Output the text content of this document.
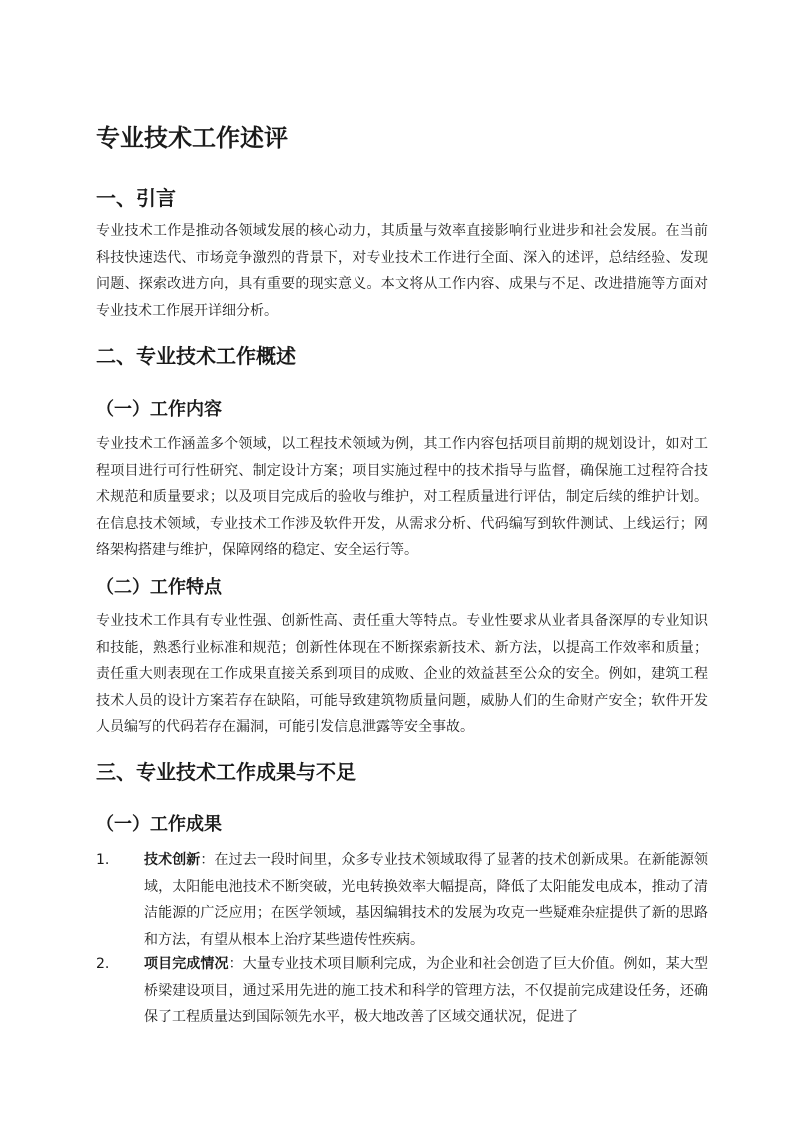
专业技术工作述评
一、引言

专业技术工作是推动各领域发展的核心动力，其质量与效率直接影响行业进步和社会发展。在当前科技快速迭代、市场竞争激烈的背景下，对专业技术工作进行全面、深入的述评，总结经验、发现问题、探索改进方向，具有重要的现实意义。本文将从工作内容、成果与不足、改进措施等方面对专业技术工作展开详细分析。

二、专业技术工作概述
（一）工作内容

专业技术工作涵盖多个领域，以工程技术领域为例，其工作内容包括项目前期的规划设计，如对工程项目进行可行性研究、制定设计方案；项目实施过程中的技术指导与监督，确保施工过程符合技术规范和质量要求；以及项目完成后的验收与维护，对工程质量进行评估，制定后续的维护计划。在信息技术领域，专业技术工作涉及软件开发，从需求分析、代码编写到软件测试、上线运行；网络架构搭建与维护，保障网络的稳定、安全运行等。

（二）工作特点

专业技术工作具有专业性强、创新性高、责任重大等特点。专业性要求从业者具备深厚的专业知识和技能，熟悉行业标准和规范；创新性体现在不断探索新技术、新方法，以提高工作效率和质量；责任重大则表现在工作成果直接关系到项目的成败、企业的效益甚至公众的安全。例如，建筑工程技术人员的设计方案若存在缺陷，可能导致建筑物质量问题，威胁人们的生命财产安全；软件开发人员编写的代码若存在漏洞，可能引发信息泄露等安全事故。

三、专业技术工作成果与不足
（一）工作成果
1. 技术创新：在过去一段时间里，众多专业技术领域取得了显著的技术创新成果。在新能源领域，太阳能电池技术不断突破，光电转换效率大幅提高，降低了太阳能发电成本，推动了清洁能源的广泛应用；在医学领域，基因编辑技术的发展为攻克一些疑难杂症提供了新的思路和方法，有望从根本上治疗某些遗传性疾病。

2. 项目完成情况：大量专业技术项目顺利完成，为企业和社会创造了巨大价值。例如，某大型桥梁建设项目，通过采用先进的施工技术和科学的管理方法，不仅提前完成建设任务，还确保了工程质量达到国际领先水平，极大地改善了区域交通状况，促进了
